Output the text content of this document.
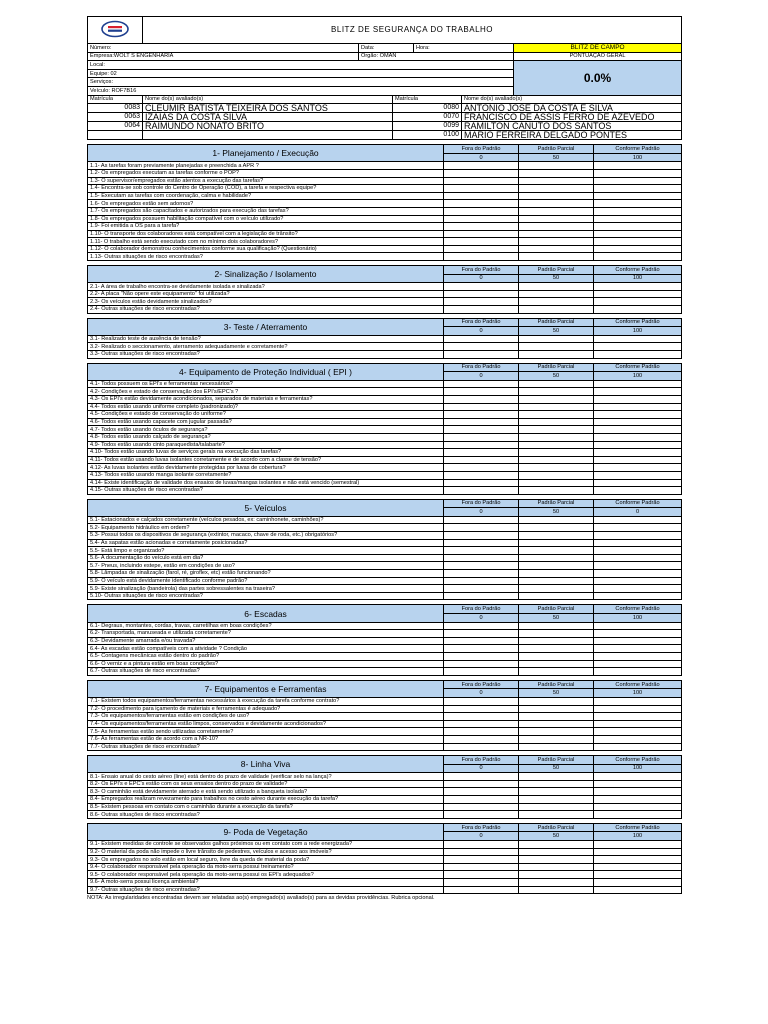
	BLITZ DE SEGURANÇA DO TRABALHO					
Número:		Data:		Hora:		BLITZ DE CAMPO
Empresa:WOLT S ENGENHARIA		Órgão: OMAN				PONTUAÇÃO GERAL
Local:						0.0%
Equipe: 02						
Serviços:						
Veículo: ROF7B16						
Matrícula	Nome do(s) avaliado(s)		Matrícula		Nome do(s) avaliado(s)	
0083	CLEUMIR BATISTA TEIXEIRA DOS SANTOS		0080		ANTONIO JOSE DA COSTA E SILVA	
0063	IZAIAS DA COSTA SILVA		0070		FRANCISCO DE ASSIS FERRO DE AZEVEDO	
0064	RAIMUNDO NONATO BRITO		0099		RAMILTON CANUTO DOS SANTOS	
			0100		MARIO FERREIRA DELGADO PONTES	

1- Planejamento / Execução	Fora do Padrão	Padrão Parcial	Conforme Padrão
	0	50	100
1.1- As tarefas foram previamente planejadas e preenchida a APR ?			
1.2- Os empregados executam as tarefas conforme o POP?			
1.3- O supervisor/empregados estão atentos a execução das tarefas?			
1.4- Encontra-se sob controle do Centro de Operação (COD), a tarefa e respectiva equipe?			
1.5- Executam as tarefas com coordenação, calma e habilidade?			
1.6- Os empregados estão sem adornos?			
1.7- Os empregados são capacitados e autorizados para execução das tarefas?			
1.8- Os empregados possuem habilitação compatível com o veículo utilizado?			
1.9- Foi emitida a OS para a tarefa?			
1.10- O transporte dos colaboradores está compatível com a legislação de trânsito?			
1.11- O trabalho está sendo executado com no mínimo dois colaboradores?			
1.12- O colaborador demonstrou conhecimentos conforme sua qualificação? (Questionário)			
1.13- Outras situações de risco encontradas?			

2- Sinalização / Isolamento	Fora do Padrão	Padrão Parcial	Conforme Padrão
	0	50	100
2.1- A área de trabalho encontra-se devidamente isolada e sinalizada?			
2.2- A placa "Não opere este equipamento" foi utilizada?			
2.3- Os veículos estão devidamente sinalizados?			
2.4- Outras situações de risco encontradas?			

3- Teste / Aterramento	Fora do Padrão	Padrão Parcial	Conforme Padrão
	0	50	100
3.1- Realizado teste de ausência de tensão?			
3.2- Realizado o seccionamento, aterramento adequadamente e corretamente?			
3.3- Outras situações de risco encontradas?			

4- Equipamento de Proteção Individual ( EPI )	Fora do Padrão	Padrão Parcial	Conforme Padrão
	0	50	100
4.1- Todos possuem os EPI's e ferramentas necessários?			
4.2- Condições e estado de conservação dos EPI's/EPC's ?			
4.3- Os EPI's estão devidamente acondicionados, separados de materiais e ferramentas?			
4.4- Todos estão usando uniforme completo (padronizado)?			
4.5- Condições e estado de conservação do uniforme?			
4.6- Todos estão usando capacete com jugular passada?			
4.7- Todos estão usando óculos de segurança?			
4.8- Todos estão usando calçado de segurança?			
4.9- Todos estão usando cinto paraquedista/talabarte?			
4.10- Todos estão usando luvas de serviços gerais na execução das tarefas?			
4.11- Todos estão usando luvas isolantes corretamente e de acordo com a classe de tensão?			
4.12- As luvas isolantes estão devidamente protegidas por luvas de cobertura?			
4.13- Todos estão usando manga isolante corretamente?			
4.14- Existe identificação de validade dos ensaios de luvas/mangas isolantes e não está vencido (semestral)			
4.15- Outras situações de risco encontradas?			

5- Veículos	Fora do Padrão	Padrão Parcial	Conforme Padrão
	0	50	0
5.1- Estacionados e calçados corretamente (veículos pesados, ex: caminhonete, caminhões)?			
5.2- Equipamento hidráulico em ordem?			
5.3- Possui todos os dispositivos de segurança (extintor, macaco, chave de roda, etc.) obrigatórios?			
5.4- As sapatas estão acionadas e corretamente posicionadas?			
5.5- Está limpo e organizado?			
5.6- A documentação do veículo está em dia?			
5.7- Pneus, incluindo estepe, estão em condições de uso?			
5.8- Lâmpadas de sinalização (farol, ré, giroflex, etc) estão funcionando?			
5.9- O veículo está devidamente identificado conforme padrão?			
5.9- Existe sinalização (bandeirola) das partes sobressalentes na traseira?			
5.10- Outras situações de risco encontradas?			

6- Escadas	Fora do Padrão	Padrão Parcial	Conforme Padrão
	0	50	100
6.1- Degraus, montantes, cordas, travas, carretilhas em boas condições?			
6.2- Transportada, manuseada e utilizada corretamente?			
6.3- Devidamente amarrada e/ou travada?			
6.4- As escadas estão compatíveis com a atividade ? Condição			
6.5- Contagens mecânicas estão dentro do padrão?			
6.6- O verniz e a pintura estão em boas condições?			
6.7- Outras situações de risco encontradas?			

7- Equipamentos e Ferramentas	Fora do Padrão	Padrão Parcial	Conforme Padrão
	0	50	100
7.1- Existem todos equipamentos/ferramentas necessários à execução da tarefa conforme contrato?			
7.2- O procedimento para içamento de materiais e ferramentas é adequado?			
7.3- Os equipamentos/ferramentas estão em condições de uso?			
7.4- Os equipamentos/ferramentas estão limpos, conservados e devidamente acondicionados?			
7.5- As ferramentas estão sendo utilizadas corretamente?			
7.6- As ferramentas estão de acordo com a NR-10?			
7.7- Outras situações de risco encontradas?			

8- Linha Viva	Fora do Padrão	Padrão Parcial	Conforme Padrão
	0	50	100
8.1- Ensaio anual do cesto aéreo (line) está dentro do prazo de validade (verificar selo na lança)?			
8.2- Os EPI's e EPC's estão com os seus ensaios dentro do prazo de validade?			
8.3- O caminhão está devidamente aterrado e está sendo utilizado a banqueta isolada?			
8.4- Empregados realizam revezamento para trabalhos no cesto aéreo durante execução da tarefa?			
8.5- Existem pessoas em contato com o caminhão durante a execução da tarefa?			
8.6- Outras situações de risco encontradas?			

9- Poda de Vegetação	Fora do Padrão	Padrão Parcial	Conforme Padrão
	0	50	100
9.1- Existem medidas de controle se observados galhos próximos ou em contato com a rede energizada?			
9.2- O material da poda não impede o livre trânsito de pedestres, veículos e acesso aos imóveis?			
9.3- Os empregados no solo estão em local seguro, livre da queda de material da poda?			
9.4- O colaborador responsável pela operação da moto-serra possui treinamento?			
9.5- O colaborador responsável pela operação da moto-serra possui os EPI's adequados?			
9.6- A moto-serra possui licença ambiental?			
9.7- Outras situações de risco encontradas?			
NOTA: As irregularidades encontradas devem ser relatadas ao(s) empregado(s) avaliado(s) para as devidas providências. Rubrica opcional.
